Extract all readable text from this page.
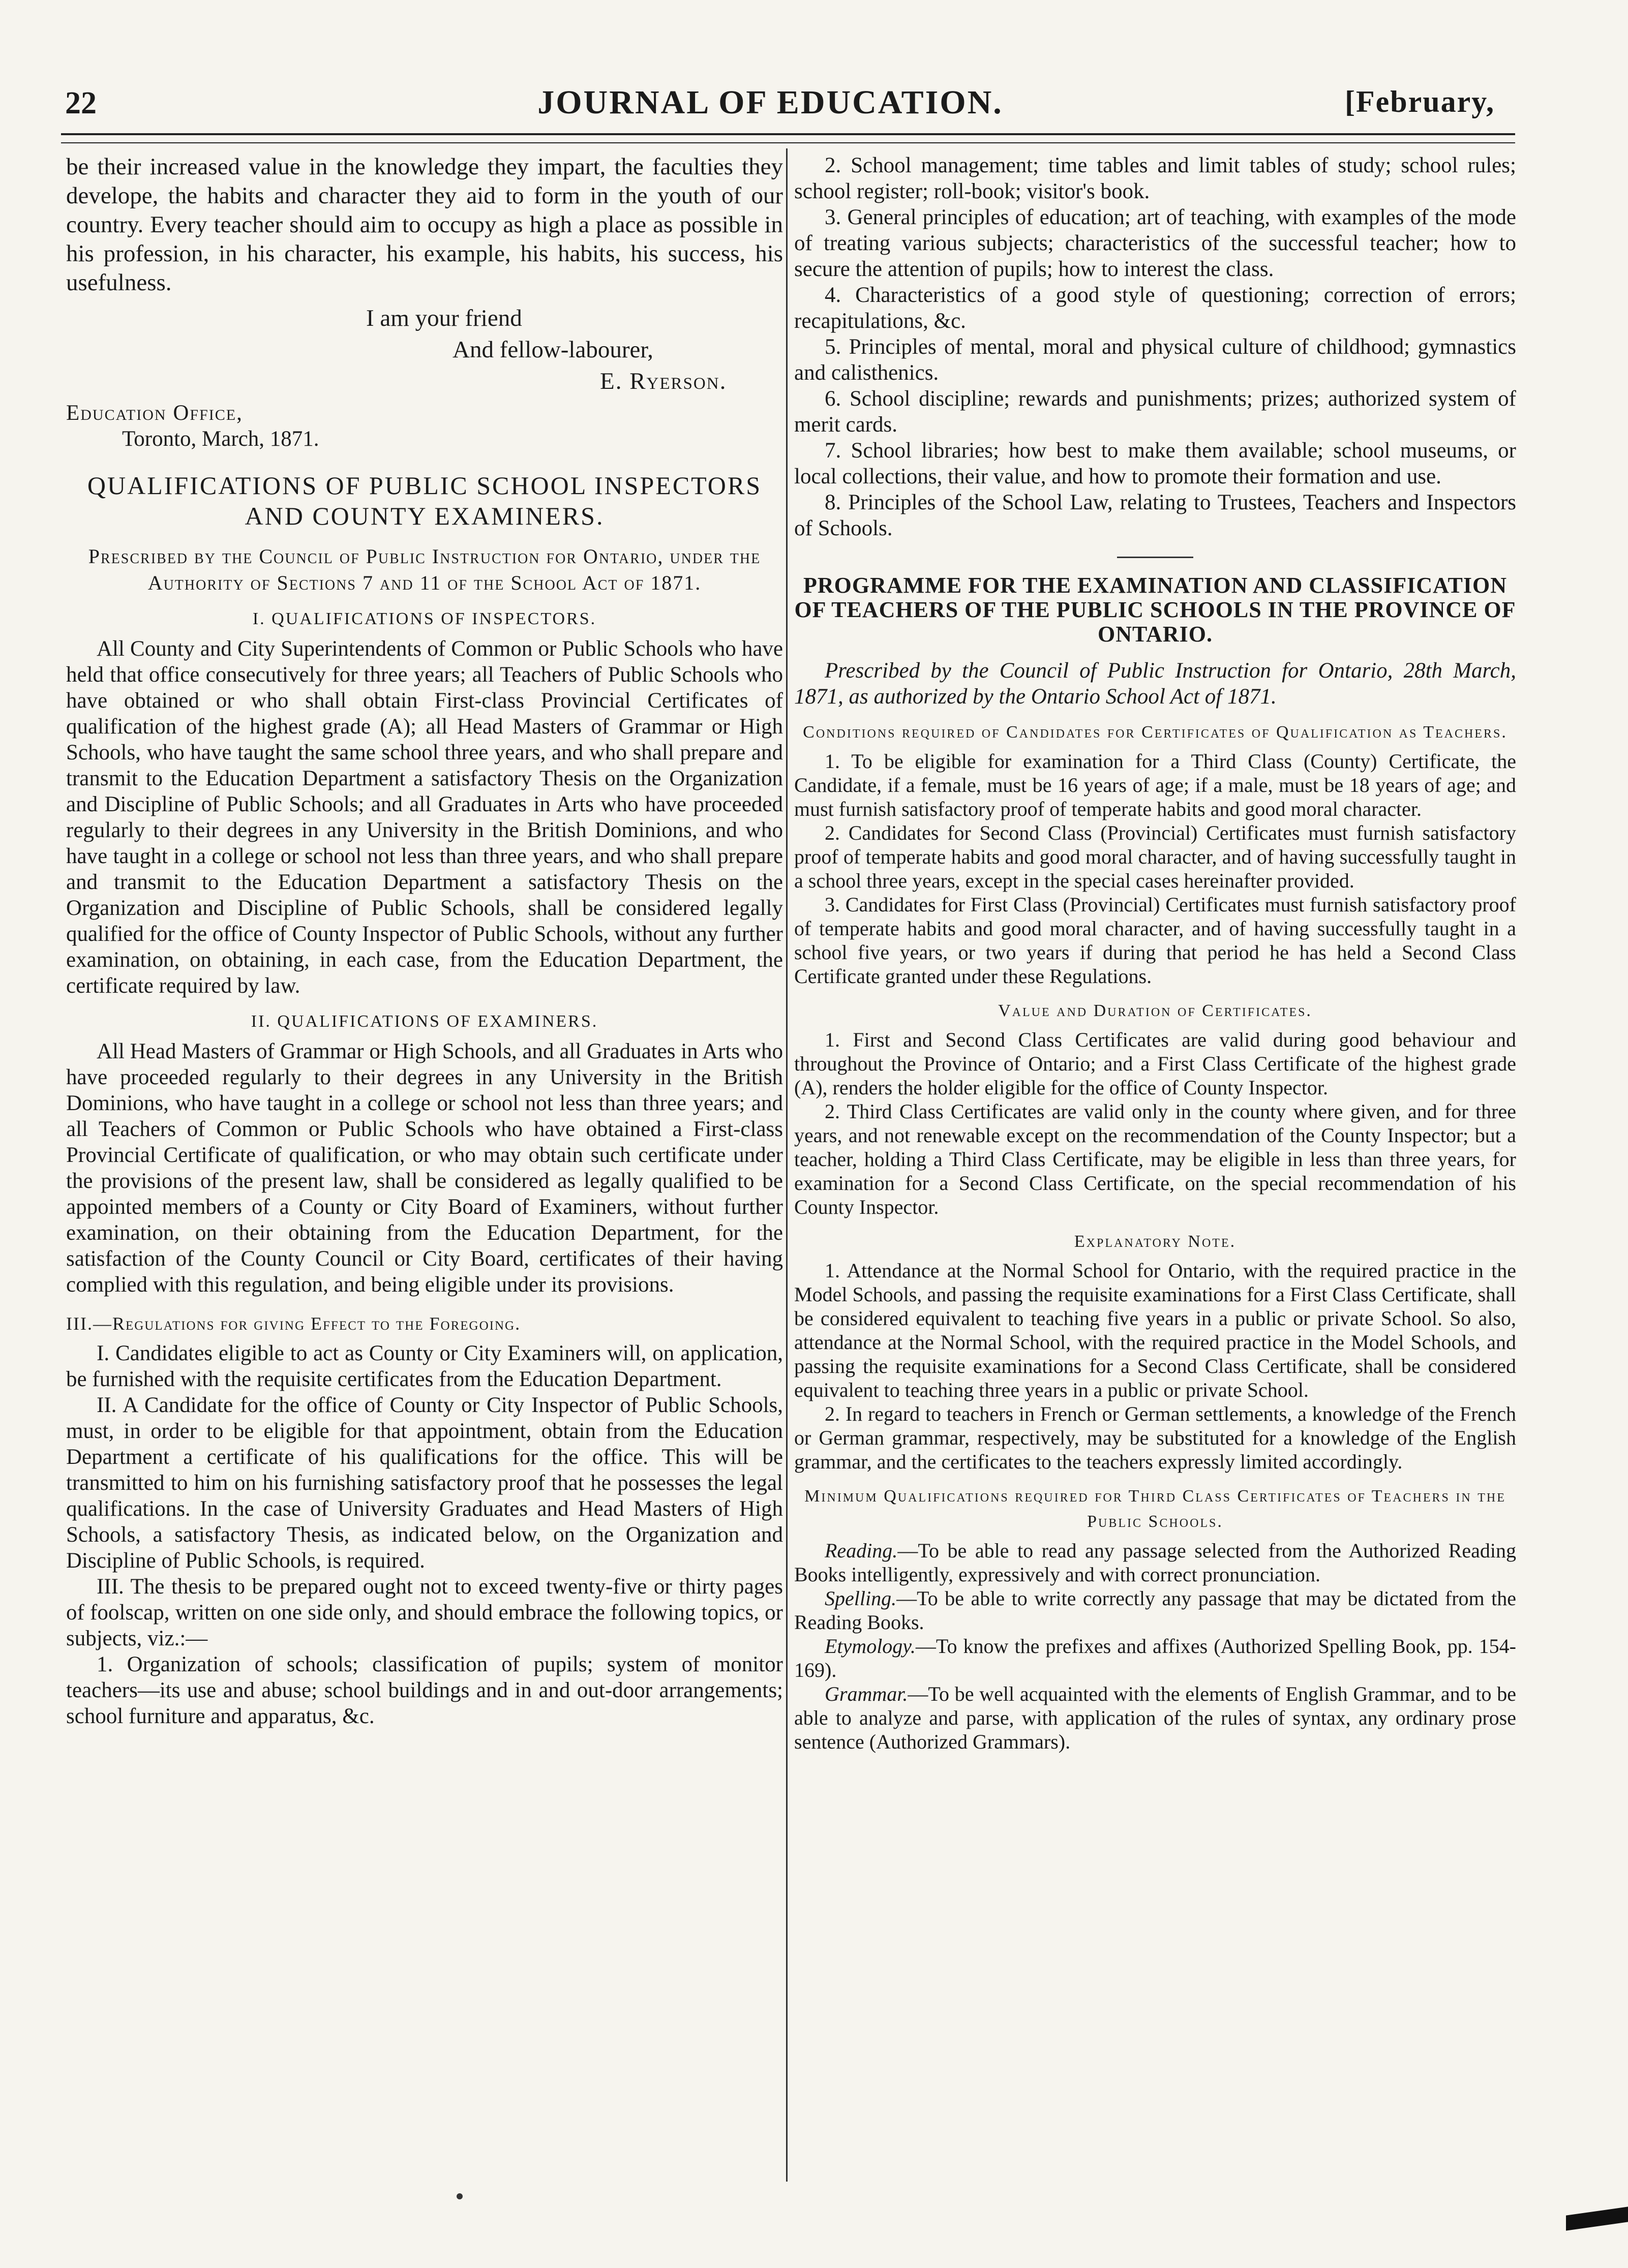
22	JOURNAL OF EDUCATION.	[February,

be their increased value in the knowledge they impart, the faculties they develope, the habits and character they aid to form in the youth of our country. Every teacher should aim to occupy as high a place as possible in his profession, in his character, his example, his habits, his success, his usefulness.

I am your friend
And fellow-labourer,
E. Ryerson.
Education Office,
Toronto, March, 1871.
QUALIFICATIONS OF PUBLIC SCHOOL INSPECTORS AND COUNTY EXAMINERS.
Prescribed by the Council of Public Instruction for Ontario, under the Authority of Sections 7 and 11 of the School Act of 1871.
I. QUALIFICATIONS OF INSPECTORS.

All County and City Superintendents of Common or Public Schools who have held that office consecutively for three years; all Teachers of Public Schools who have obtained or who shall obtain First-class Provincial Certificates of qualification of the highest grade (A); all Head Masters of Grammar or High Schools, who have taught the same school three years, and who shall prepare and transmit to the Education Department a satisfactory Thesis on the Organization and Discipline of Public Schools; and all Graduates in Arts who have proceeded regularly to their degrees in any University in the British Dominions, and who have taught in a college or school not less than three years, and who shall prepare and transmit to the Education Department a satisfactory Thesis on the Organization and Discipline of Public Schools, shall be considered legally qualified for the office of County Inspector of Public Schools, without any further examination, on obtaining, in each case, from the Education Department, the certificate required by law.

II. QUALIFICATIONS OF EXAMINERS.

All Head Masters of Grammar or High Schools, and all Graduates in Arts who have proceeded regularly to their degrees in any University in the British Dominions, who have taught in a college or school not less than three years; and all Teachers of Common or Public Schools who have obtained a First-class Provincial Certificate of qualification, or who may obtain such certificate under the provisions of the present law, shall be considered as legally qualified to be appointed members of a County or City Board of Examiners, without further examination, on their obtaining from the Education Department, for the satisfaction of the County Council or City Board, certificates of their having complied with this regulation, and being eligible under its provisions.

III.—Regulations for giving Effect to the Foregoing.

I. Candidates eligible to act as County or City Examiners will, on application, be furnished with the requisite certificates from the Education Department.

II. A Candidate for the office of County or City Inspector of Public Schools, must, in order to be eligible for that appointment, obtain from the Education Department a certificate of his qualifications for the office. This will be transmitted to him on his furnishing satisfactory proof that he possesses the legal qualifications. In the case of University Graduates and Head Masters of High Schools, a satisfactory Thesis, as indicated below, on the Organization and Discipline of Public Schools, is required.

III. The thesis to be prepared ought not to exceed twenty-five or thirty pages of foolscap, written on one side only, and should embrace the following topics, or subjects, viz.:—

1. Organization of schools; classification of pupils; system of monitor teachers—its use and abuse; school buildings and in and out-door arrangements; school furniture and apparatus, &c.

2. School management; time tables and limit tables of study; school rules; school register; roll-book; visitor's book.

3. General principles of education; art of teaching, with examples of the mode of treating various subjects; characteristics of the successful teacher; how to secure the attention of pupils; how to interest the class.

4. Characteristics of a good style of questioning; correction of errors; recapitulations, &c.

5. Principles of mental, moral and physical culture of childhood; gymnastics and calisthenics.

6. School discipline; rewards and punishments; prizes; authorized system of merit cards.

7. School libraries; how best to make them available; school museums, or local collections, their value, and how to promote their formation and use.

8. Principles of the School Law, relating to Trustees, Teachers and Inspectors of Schools.

PROGRAMME FOR THE EXAMINATION AND CLASSIFICATION OF TEACHERS OF THE PUBLIC SCHOOLS IN THE PROVINCE OF ONTARIO.

Prescribed by the Council of Public Instruction for Ontario, 28th March, 1871, as authorized by the Ontario School Act of 1871.

Conditions required of Candidates for Certificates of Qualification as Teachers.

1. To be eligible for examination for a Third Class (County) Certificate, the Candidate, if a female, must be 16 years of age; if a male, must be 18 years of age; and must furnish satisfactory proof of temperate habits and good moral character.

2. Candidates for Second Class (Provincial) Certificates must furnish satisfactory proof of temperate habits and good moral character, and of having successfully taught in a school three years, except in the special cases hereinafter provided.

3. Candidates for First Class (Provincial) Certificates must furnish satisfactory proof of temperate habits and good moral character, and of having successfully taught in a school five years, or two years if during that period he has held a Second Class Certificate granted under these Regulations.

Value and Duration of Certificates.

1. First and Second Class Certificates are valid during good behaviour and throughout the Province of Ontario; and a First Class Certificate of the highest grade (A), renders the holder eligible for the office of County Inspector.

2. Third Class Certificates are valid only in the county where given, and for three years, and not renewable except on the recommendation of the County Inspector; but a teacher, holding a Third Class Certificate, may be eligible in less than three years, for examination for a Second Class Certificate, on the special recommendation of his County Inspector.

Explanatory Note.

1. Attendance at the Normal School for Ontario, with the required practice in the Model Schools, and passing the requisite examinations for a First Class Certificate, shall be considered equivalent to teaching five years in a public or private School. So also, attendance at the Normal School, with the required practice in the Model Schools, and passing the requisite examinations for a Second Class Certificate, shall be considered equivalent to teaching three years in a public or private School.

2. In regard to teachers in French or German settlements, a knowledge of the French or German grammar, respectively, may be substituted for a knowledge of the English grammar, and the certificates to the teachers expressly limited accordingly.

Minimum Qualifications required for Third Class Certificates of Teachers in the Public Schools.

Reading.—To be able to read any passage selected from the Authorized Reading Books intelligently, expressively and with correct pronunciation.

Spelling.—To be able to write correctly any passage that may be dictated from the Reading Books.

Etymology.—To know the prefixes and affixes (Authorized Spelling Book, pp. 154-169).

Grammar.—To be well acquainted with the elements of English Grammar, and to be able to analyze and parse, with application of the rules of syntax, any ordinary prose sentence (Authorized Grammars).
